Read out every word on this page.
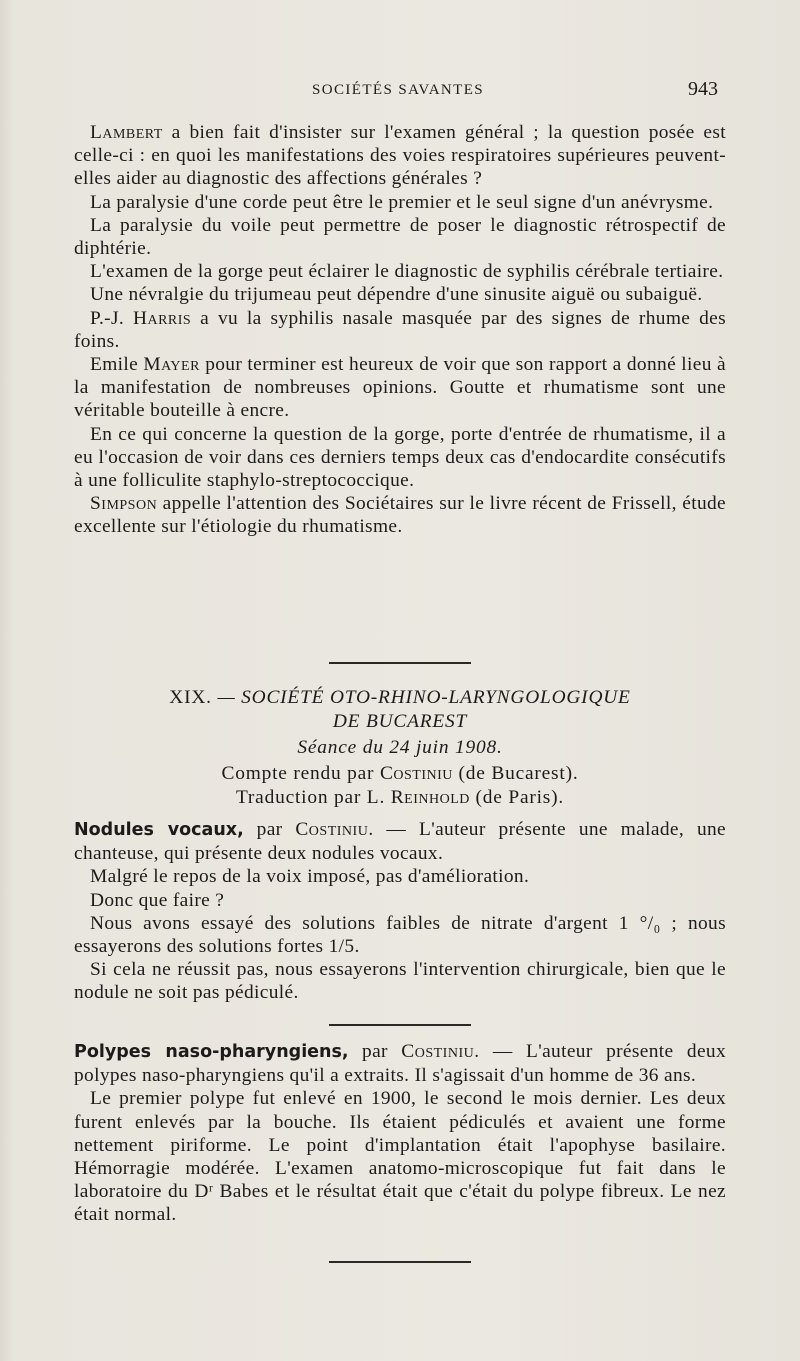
SOCIÉTÉS SAVANTES	943

Lambert a bien fait d'insister sur l'examen général ; la question posée est celle-ci : en quoi les manifestations des voies respiratoires supérieures peuvent-elles aider au diagnostic des affections générales ?

La paralysie d'une corde peut être le premier et le seul signe d'un anévrysme.

La paralysie du voile peut permettre de poser le diagnostic rétrospectif de diphtérie.

L'examen de la gorge peut éclairer le diagnostic de syphilis cérébrale tertiaire.

Une névralgie du trijumeau peut dépendre d'une sinusite aiguë ou subaiguë.

P.-J. Harris a vu la syphilis nasale masquée par des signes de rhume des foins.

Emile Mayer pour terminer est heureux de voir que son rapport a donné lieu à la manifestation de nombreuses opinions. Goutte et rhumatisme sont une véritable bouteille à encre.

En ce qui concerne la question de la gorge, porte d'entrée de rhumatisme, il a eu l'occasion de voir dans ces derniers temps deux cas d'endocardite consécutifs à une folliculite staphylo-streptococcique.

Simpson appelle l'attention des Sociétaires sur le livre récent de Frissell, étude excellente sur l'étiologie du rhumatisme.

XIX. — SOCIÉTÉ OTO-RHINO-LARYNGOLOGIQUE
DE BUCAREST
Séance du 24 juin 1908.
Compte rendu par Costiniu (de Bucarest).
Traduction par L. Reinhold (de Paris).

Nodules vocaux, par Costiniu. — L'auteur présente une malade, une chanteuse, qui présente deux nodules vocaux.

Malgré le repos de la voix imposé, pas d'amélioration.

Donc que faire ?

Nous avons essayé des solutions faibles de nitrate d'argent 1 °/₀ ; nous essayerons des solutions fortes 1/5.

Si cela ne réussit pas, nous essayerons l'intervention chirurgicale, bien que le nodule ne soit pas pédiculé.

Polypes naso-pharyngiens, par Costiniu. — L'auteur présente deux polypes naso-pharyngiens qu'il a extraits. Il s'agissait d'un homme de 36 ans.

Le premier polype fut enlevé en 1900, le second le mois dernier. Les deux furent enlevés par la bouche. Ils étaient pédiculés et avaient une forme nettement piriforme. Le point d'implantation était l'apophyse basilaire. Hémorragie modérée. L'examen anatomo-microscopique fut fait dans le laboratoire du Dʳ Babes et le résultat était que c'était du polype fibreux. Le nez était normal.
